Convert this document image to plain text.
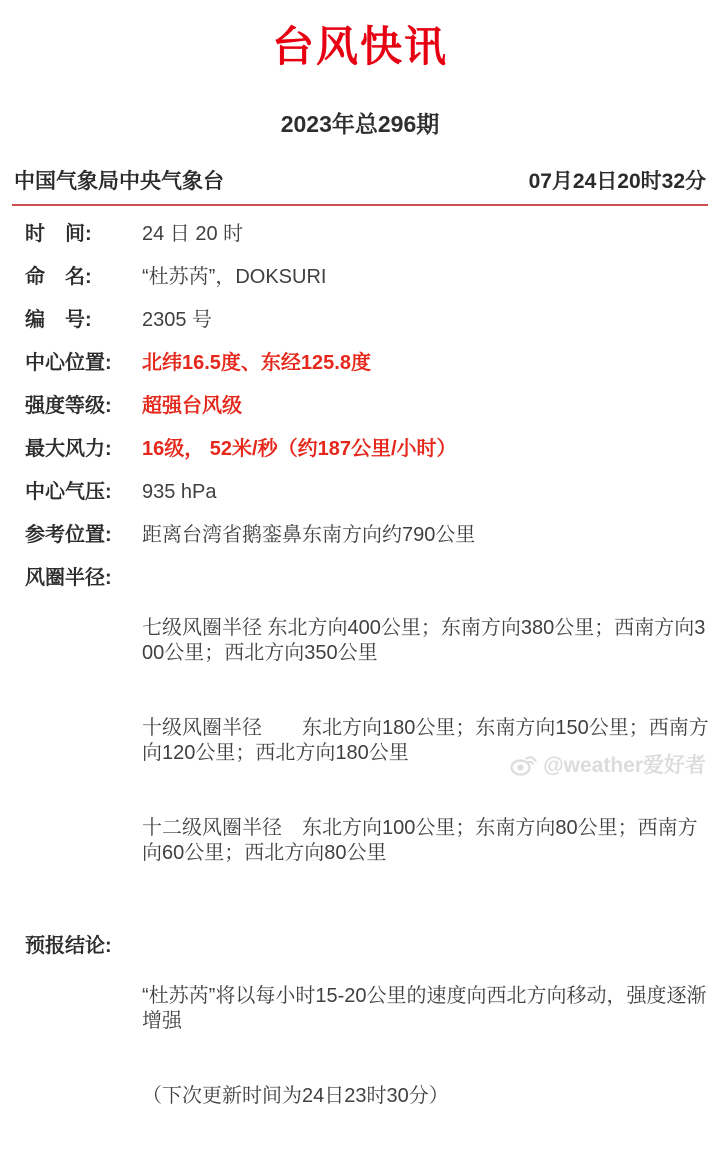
台风快讯
2023年总296期
中国气象局中央气象台	07月24日20时32分
时　间:	24 日 20 时
命　名:	“杜苏芮”，DOKSURI
编　号:	2305 号
中心位置:	北纬16.5度、东经125.8度
强度等级:	超强台风级
最大风力:	16级， 52米/秒（约187公里/小时）
中心气压:	935 hPa
参考位置:	距离台湾省鹅銮鼻东南方向约790公里
风圈半径:

七级风圈半径 东北方向400公里；东南方向380公里；西南方向300公里；西北方向350公里

十级风圈半径　　东北方向180公里；东南方向150公里；西南方向120公里；西北方向180公里

十二级风圈半径　东北方向100公里；东南方向80公里；西南方向60公里；西北方向80公里

预报结论:

“杜苏芮”将以每小时15-20公里的速度向西北方向移动，强度逐渐增强

（下次更新时间为24日23时30分）

@weather爱好者
